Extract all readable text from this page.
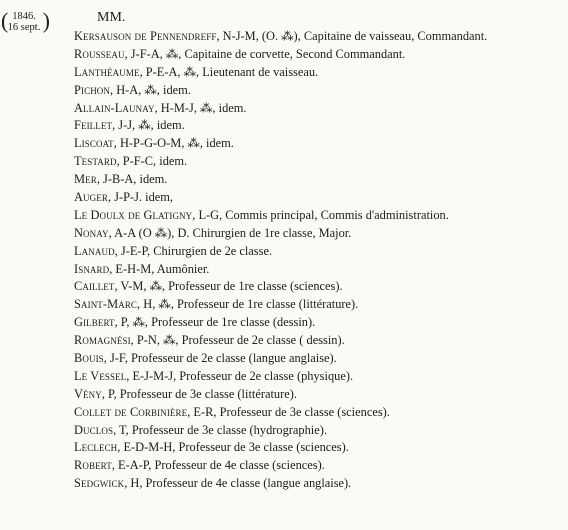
( 1846.
16 sept. )	MM.
Kersauson de Pennendreff, N-J-M, (O. ⁂), Capitaine de vaisseau, Commandant.
Rousseau, J-F-A, ⁂, Capitaine de corvette, Second Commandant.
Lanthéaume, P-E-A, ⁂, Lieutenant de vaisseau.
Pichon, H-A, ⁂, idem.
Allain-Launay, H-M-J, ⁂, idem.
Feillet, J-J, ⁂, idem.
Liscoat, H-P-G-O-M, ⁂, idem.
Testard, P-F-C, idem.
Mer, J-B-A, idem.
Auger, J-P-J. idem,
Le Doulx de Glatigny, L-G, Commis principal, Commis d'administration.
Nonay, A-A (O ⁂), D. Chirurgien de 1re classe, Major.
Lanaud, J-E-P, Chirurgien de 2e classe.
Isnard, E-H-M, Aumônier.
Caillet, V-M, ⁂, Professeur de 1re classe (sciences).
Saint-Marc, H, ⁂, Professeur de 1re classe (littérature).
Gilbert, P, ⁂, Professeur de 1re classe (dessin).
Romagnési, P-N, ⁂, Professeur de 2e classe ( dessin).
Bouis, J-F, Professeur de 2e classe (langue anglaise).
Le Vessel, E-J-M-J, Professeur de 2e classe (physique).
Vény, P, Professeur de 3e classe (littérature).
Collet de Corbinière, E-R, Professeur de 3e classe (sciences).
Duclos, T, Professeur de 3e classe (hydrographie).
Leclech, E-D-M-H, Professeur de 3e classe (sciences).
Robert, E-A-P, Professeur de 4e classe (sciences).
Sedgwick, H, Professeur de 4e classe (langue anglaise).
